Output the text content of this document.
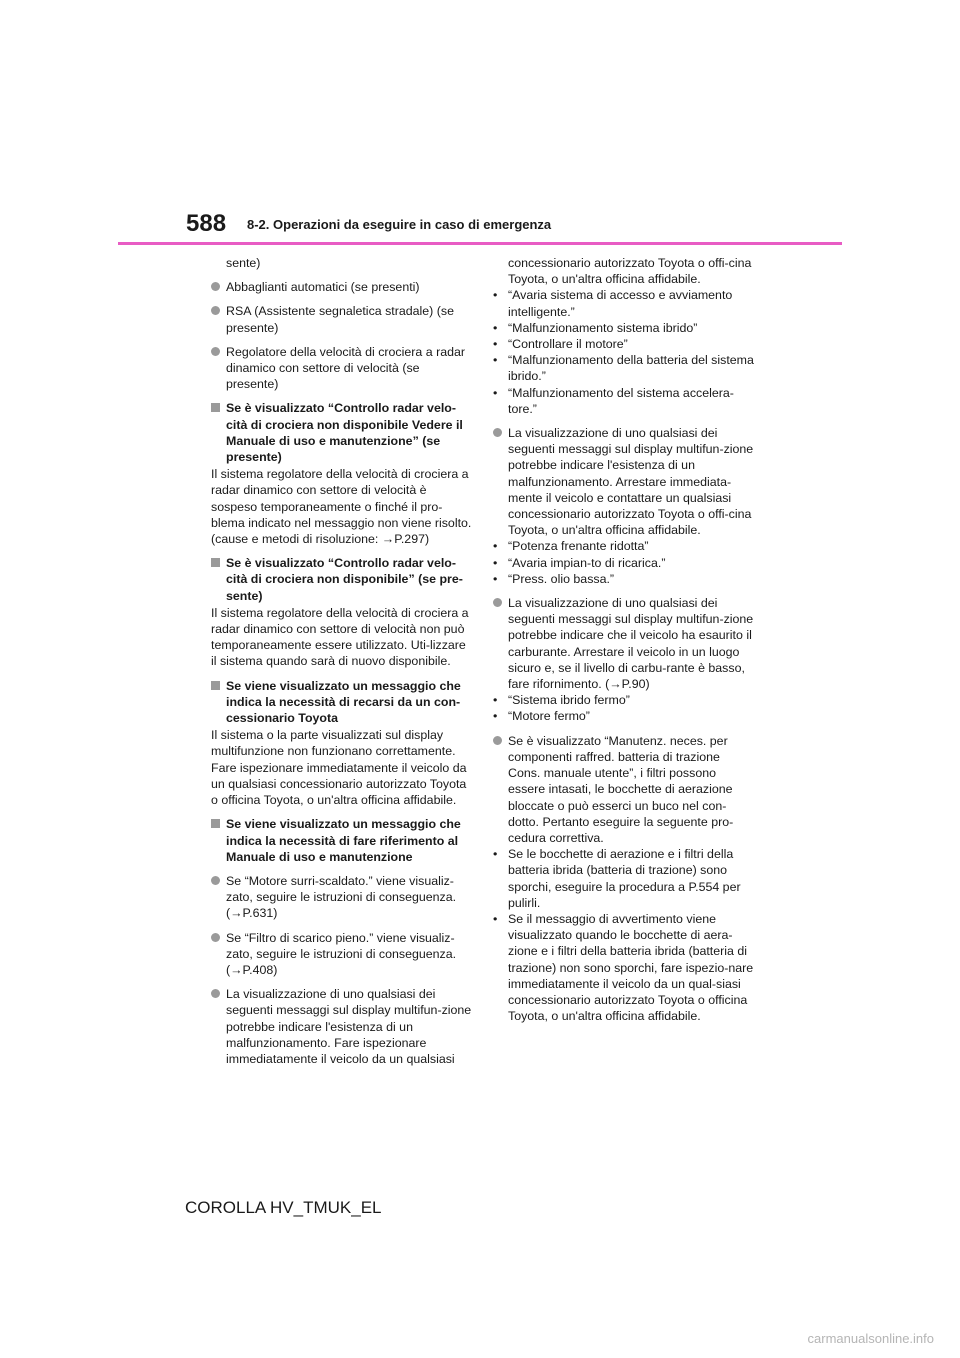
588 8-2. Operazioni da eseguire in caso di emergenza
sente)
Abbaglianti automatici (se presenti)
RSA (Assistente segnaletica stradale) (se presente)
Regolatore della velocità di crociera a radar dinamico con settore di velocità (se presente)
Se è visualizzato “Controllo radar velo-cità di crociera non disponibile Vedere il Manuale di uso e manutenzione” (se presente)
Il sistema regolatore della velocità di crociera a radar dinamico con settore di velocità è sospeso temporaneamente o finché il pro-blema indicato nel messaggio non viene risolto. (cause e metodi di risoluzione: →P.297)
Se è visualizzato “Controllo radar velo-cità di crociera non disponibile” (se pre-sente)
Il sistema regolatore della velocità di crociera a radar dinamico con settore di velocità non può temporaneamente essere utilizzato. Uti-lizzare il sistema quando sarà di nuovo disponibile.
Se viene visualizzato un messaggio che indica la necessità di recarsi da un con-cessionario Toyota
Il sistema o la parte visualizzati sul display multifunzione non funzionano correttamente. Fare ispezionare immediatamente il veicolo da un qualsiasi concessionario autorizzato Toyota o officina Toyota, o un'altra officina affidabile.
Se viene visualizzato un messaggio che indica la necessità di fare riferimento al Manuale di uso e manutenzione
Se “Motore surri-scaldato.” viene visualiz-zato, seguire le istruzioni di conseguenza. (→P.631)
Se “Filtro di scarico pieno.” viene visualiz-zato, seguire le istruzioni di conseguenza. (→P.408)
La visualizzazione di uno qualsiasi dei seguenti messaggi sul display multifun-zione potrebbe indicare l'esistenza di un malfunzionamento. Fare ispezionare immediatamente il veicolo da un qualsiasi
concessionario autorizzato Toyota o offi-cina Toyota, o un'altra officina affidabile.
• “Avaria sistema di accesso e avviamento intelligente.”
• “Malfunzionamento sistema ibrido”
• “Controllare il motore”
• “Malfunzionamento della batteria del sistema ibrido.”
• “Malfunzionamento del sistema accelera-tore.”
La visualizzazione di uno qualsiasi dei seguenti messaggi sul display multifun-zione potrebbe indicare l'esistenza di un malfunzionamento. Arrestare immediata-mente il veicolo e contattare un qualsiasi concessionario autorizzato Toyota o offi-cina Toyota, o un'altra officina affidabile.
• “Potenza frenante ridotta”
• “Avaria impian-to di ricarica.”
• “Press. olio bassa.”
La visualizzazione di uno qualsiasi dei seguenti messaggi sul display multifun-zione potrebbe indicare che il veicolo ha esaurito il carburante. Arrestare il veicolo in un luogo sicuro e, se il livello di carbu-rante è basso, fare rifornimento. (→P.90)
• “Sistema ibrido fermo”
• “Motore fermo”
Se è visualizzato “Manutenz. neces. per componenti raffred. batteria di trazione Cons. manuale utente”, i filtri possono essere intasati, le bocchette di aerazione bloccate o può esserci un buco nel con-dotto. Pertanto eseguire la seguente pro-cedura correttiva.
• Se le bocchette di aerazione e i filtri della batteria ibrida (batteria di trazione) sono sporchi, eseguire la procedura a P.554 per pulirli.
• Se il messaggio di avvertimento viene visualizzato quando le bocchette di aera-zione e i filtri della batteria ibrida (batteria di trazione) non sono sporchi, fare ispezio-nare immediatamente il veicolo da un qual-siasi concessionario autorizzato Toyota o officina Toyota, o un'altra officina affidabile.
COROLLA HV_TMUK_EL
carmanualsonline.info
